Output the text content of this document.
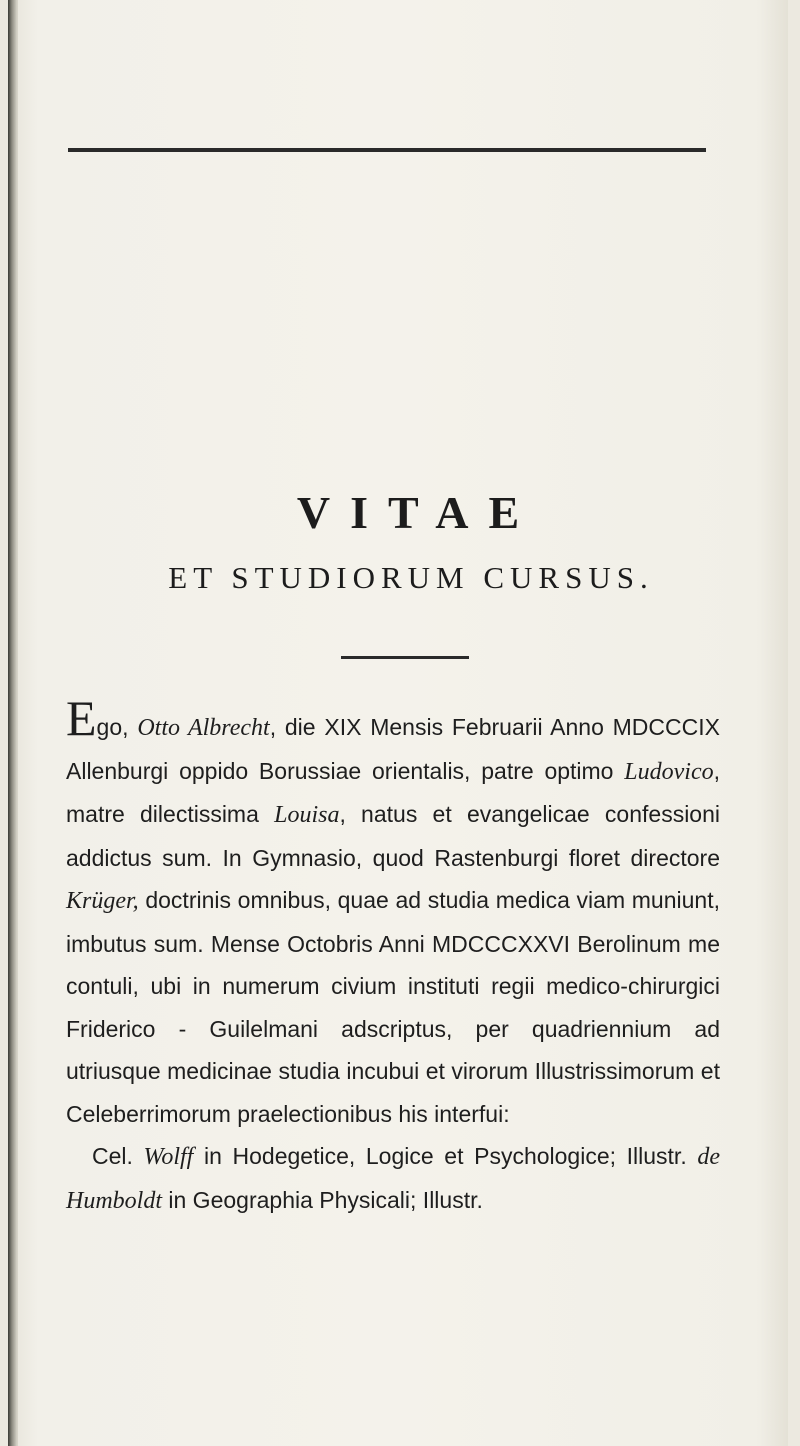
VITAE
ET STUDIORUM CURSUS.

Ego, Otto Albrecht, die XIX Mensis Februarii Anno MDCCCIX Allenburgi oppido Borussiae orientalis, patre optimo Ludovico, matre dilectissima Louisa, natus et evangelicae confessioni addictus sum. In Gymnasio, quod Rastenburgi floret directore Krüger, doctrinis omnibus, quae ad studia medica viam muniunt, imbutus sum. Mense Octobris Anni MDCCCXXVI Berolinum me contuli, ubi in numerum civium instituti regii medico-chirurgici Friderico - Guilelmani adscriptus, per quadriennium ad utriusque medicinae studia incubui et virorum Illustrissimorum et Celeberrimorum praelectionibus his interfui:

Cel. Wolff in Hodegetice, Logice et Psychologice; Illustr. de Humboldt in Geographia Physicali; Illustr.
